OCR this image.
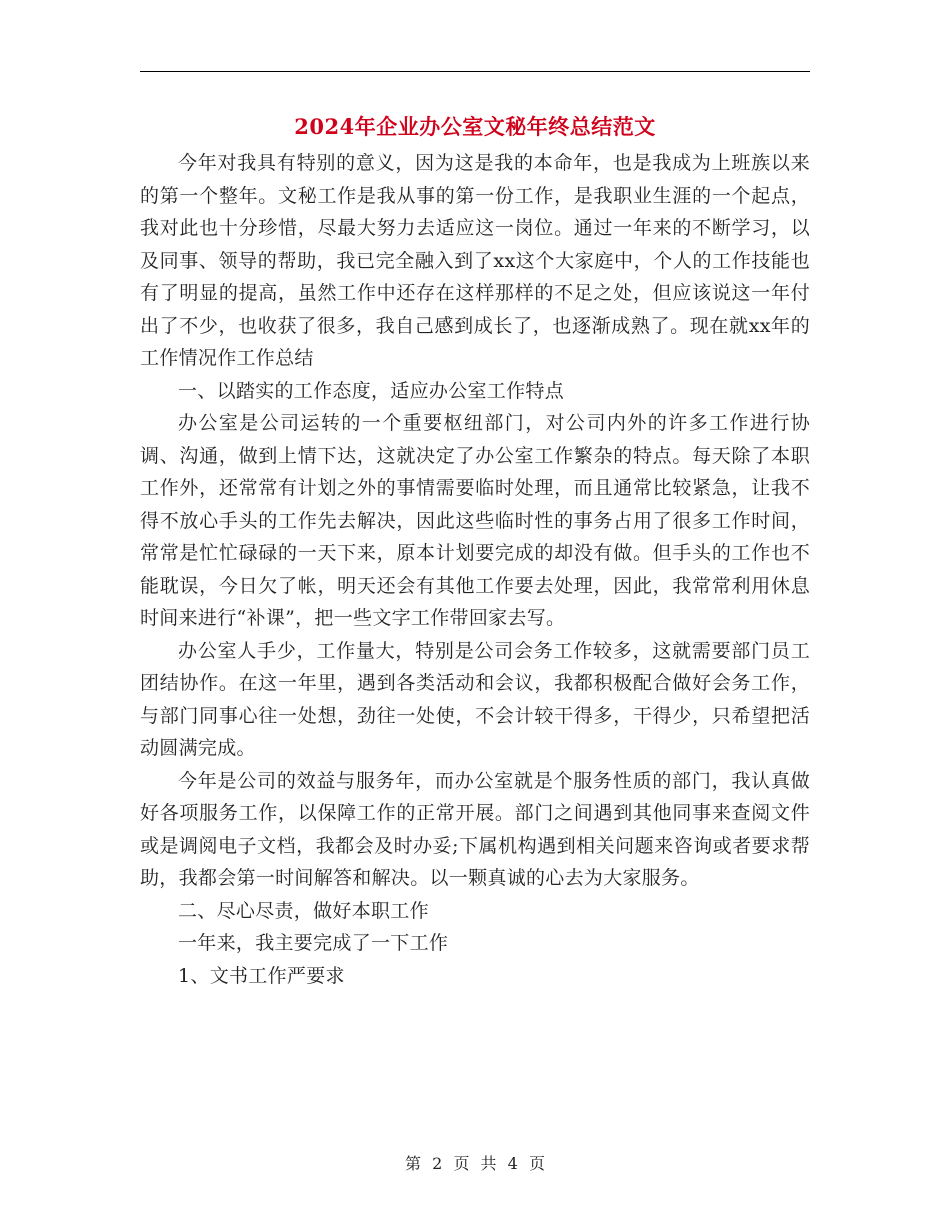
2024年企业办公室文秘年终总结范文

今年对我具有特别的意义，因为这是我的本命年，也是我成为上班族以来的第一个整年。文秘工作是我从事的第一份工作，是我职业生涯的一个起点，我对此也十分珍惜，尽最大努力去适应这一岗位。通过一年来的不断学习，以及同事、领导的帮助，我已完全融入到了xx这个大家庭中，个人的工作技能也有了明显的提高，虽然工作中还存在这样那样的不足之处，但应该说这一年付出了不少，也收获了很多，我自己感到成长了，也逐渐成熟了。现在就xx年的工作情况作工作总结

一、以踏实的工作态度，适应办公室工作特点

办公室是公司运转的一个重要枢纽部门，对公司内外的许多工作进行协调、沟通，做到上情下达，这就决定了办公室工作繁杂的特点。每天除了本职工作外，还常常有计划之外的事情需要临时处理，而且通常比较紧急，让我不得不放心手头的工作先去解决，因此这些临时性的事务占用了很多工作时间，常常是忙忙碌碌的一天下来，原本计划要完成的却没有做。但手头的工作也不能耽误，今日欠了帐，明天还会有其他工作要去处理，因此，我常常利用休息时间来进行“补课”，把一些文字工作带回家去写。

办公室人手少，工作量大，特别是公司会务工作较多，这就需要部门员工团结协作。在这一年里，遇到各类活动和会议，我都积极配合做好会务工作，与部门同事心往一处想，劲往一处使，不会计较干得多，干得少，只希望把活动圆满完成。

今年是公司的效益与服务年，而办公室就是个服务性质的部门，我认真做好各项服务工作，以保障工作的正常开展。部门之间遇到其他同事来查阅文件或是调阅电子文档，我都会及时办妥;下属机构遇到相关问题来咨询或者要求帮助，我都会第一时间解答和解决。以一颗真诚的心去为大家服务。

二、尽心尽责，做好本职工作

一年来，我主要完成了一下工作

1、文书工作严要求

第 2 页 共 4 页
